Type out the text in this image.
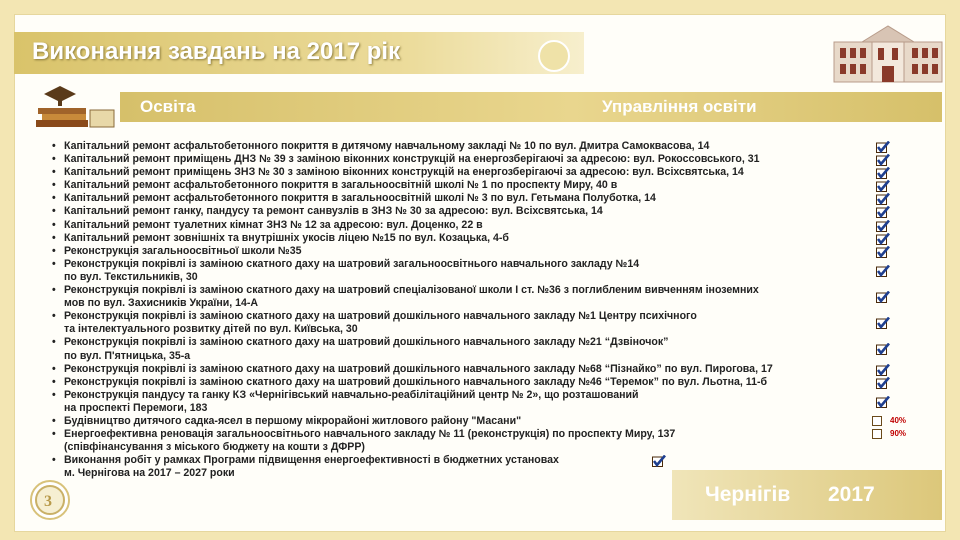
Виконання завдань на 2017 рік
Освіта	Управління освіти
• Капітальний ремонт асфальтобетонного покриття в дитячому навчальному закладі № 10 по вул. Дмитра Самоквасова, 14
• Капітальний ремонт приміщень ДНЗ № 39 з заміною віконних конструкцій на енергозберігаючі за адресою: вул. Рокоссовського, 31
• Капітальний ремонт приміщень ЗНЗ № 30 з заміною віконних конструкцій на енергозберігаючі за адресою: вул. Всіхсвятська, 14
• Капітальний ремонт асфальтобетонного покриття в загальноосвітній школі № 1 по проспекту Миру, 40 в
• Капітальний ремонт асфальтобетонного покриття в загальноосвітній школі № 3 по вул. Гетьмана Полуботка, 14
• Капітальний ремонт ганку, пандусу та ремонт санвузлів в ЗНЗ № 30 за адресою: вул. Всіхсвятська, 14
• Капітальний ремонт туалетних кімнат ЗНЗ № 12 за адресою: вул. Доценко, 22 в
• Капітальний ремонт зовнішніх та внутрішніх укосів ліцею №15 по вул. Козацька, 4-б
• Реконструкція загальноосвітньої школи №35
• Реконструкція покрівлі із заміною скатного даху на шатровий загальноосвітнього навчального закладу №14
по вул. Текстильників, 30
• Реконструкція покрівлі із заміною скатного даху на шатровий спеціалізованої школи І ст. №36 з поглибленим вивченням іноземних
мов по вул. Захисників України, 14-А
• Реконструкція покрівлі із заміною скатного даху на шатровий дошкільного навчального закладу №1 Центру психічного
та інтелектуального розвитку дітей по вул. Київська, 30
• Реконструкція покрівлі із заміною скатного даху на шатровий дошкільного навчального закладу №21 “Дзвіночок”
по вул. П'ятницька, 35-а
• Реконструкція покрівлі із заміною скатного даху на шатровий дошкільного навчального закладу №68 “Пізнайко” по вул. Пирогова, 17
• Реконструкція покрівлі із заміною скатного даху на шатровий дошкільного навчального закладу №46 “Теремок” по вул. Льотна, 11-б
• Реконструкція пандусу та ганку КЗ «Чернігівський навчально-реабілітаційний центр № 2», що розташований
на проспекті Перемоги, 183
• Будівництво дитячого садка-ясел в першому мікрорайоні житлового району "Масани"
• Енергоефективна реновація загальноосвітнього навчального закладу № 11 (реконструкція) по проспекту Миру, 137
(співфінансування з міського бюджету на кошти з ДФРР)
• Виконання робіт у рамках Програми підвищення енергоефективності в бюджетних установах
м. Чернігова на 2017 – 2027 роки
40%
90%
Чернігів 2017
3
